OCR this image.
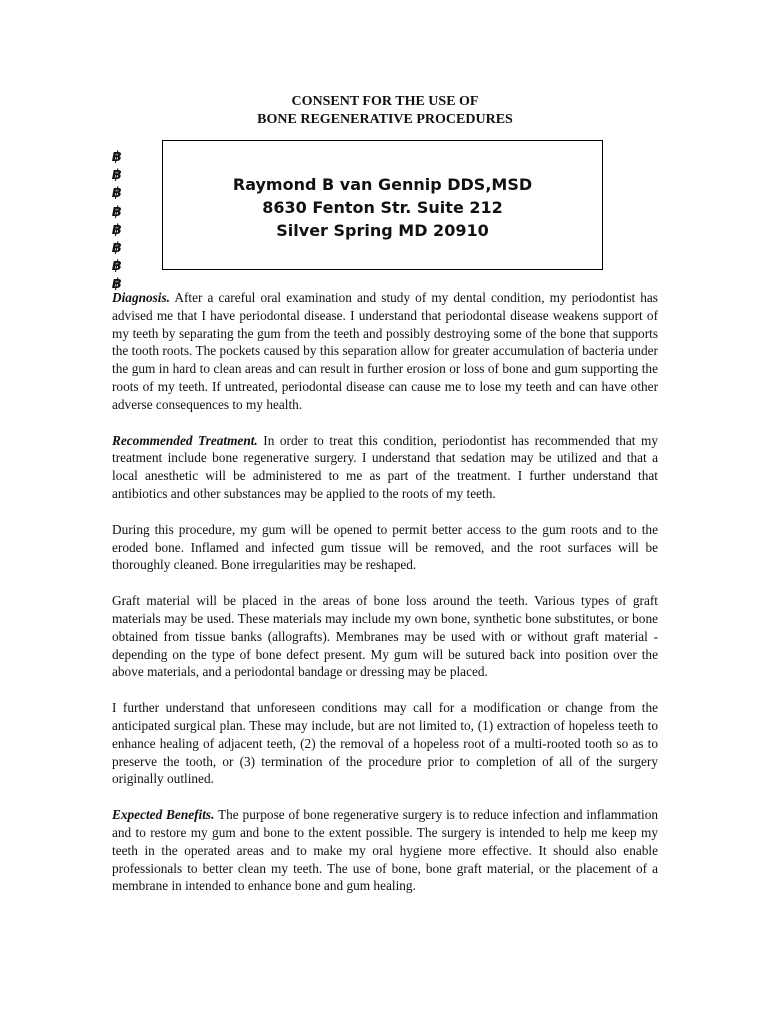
CONSENT FOR THE USE OF

BONE REGENERATIVE PROCEDURES

฿
฿
฿
฿
฿
฿
฿
฿
Raymond B van Gennip DDS,MSD
8630 Fenton Str. Suite 212
Silver Spring MD 20910

Diagnosis. After a careful oral examination and study of my dental condition, my periodontist has advised me that I have periodontal disease. I understand that periodontal disease weakens support of my teeth by separating the gum from the teeth and possibly destroying some of the bone that supports the tooth roots. The pockets caused by this separation allow for greater accumulation of bacteria under the gum in hard to clean areas and can result in further erosion or loss of bone and gum supporting the roots of my teeth. If untreated, periodontal disease can cause me to lose my teeth and can have other adverse consequences to my health.

Recommended Treatment. In order to treat this condition, periodontist has recommended that my treatment include bone regenerative surgery. I understand that sedation may be utilized and that a local anesthetic will be administered to me as part of the treatment. I further understand that antibiotics and other substances may be applied to the roots of my teeth.

During this procedure, my gum will be opened to permit better access to the gum roots and to the eroded bone. Inflamed and infected gum tissue will be removed, and the root surfaces will be thoroughly cleaned. Bone irregularities may be reshaped.

Graft material will be placed in the areas of bone loss around the teeth. Various types of graft materials may be used. These materials may include my own bone, synthetic bone substitutes, or bone obtained from tissue banks (allografts). Membranes may be used with or without graft material - depending on the type of bone defect present. My gum will be sutured back into position over the above materials, and a periodontal bandage or dressing may be placed.

I further understand that unforeseen conditions may call for a modification or change from the anticipated surgical plan. These may include, but are not limited to, (1) extraction of hopeless teeth to enhance healing of adjacent teeth, (2) the removal of a hopeless root of a multi-rooted tooth so as to preserve the tooth, or (3) termination of the procedure prior to completion of all of the surgery originally outlined.

Expected Benefits. The purpose of bone regenerative surgery is to reduce infection and inflammation and to restore my gum and bone to the extent possible. The surgery is intended to help me keep my teeth in the operated areas and to make my oral hygiene more effective. It should also enable professionals to better clean my teeth. The use of bone, bone graft material, or the placement of a membrane in intended to enhance bone and gum healing.
